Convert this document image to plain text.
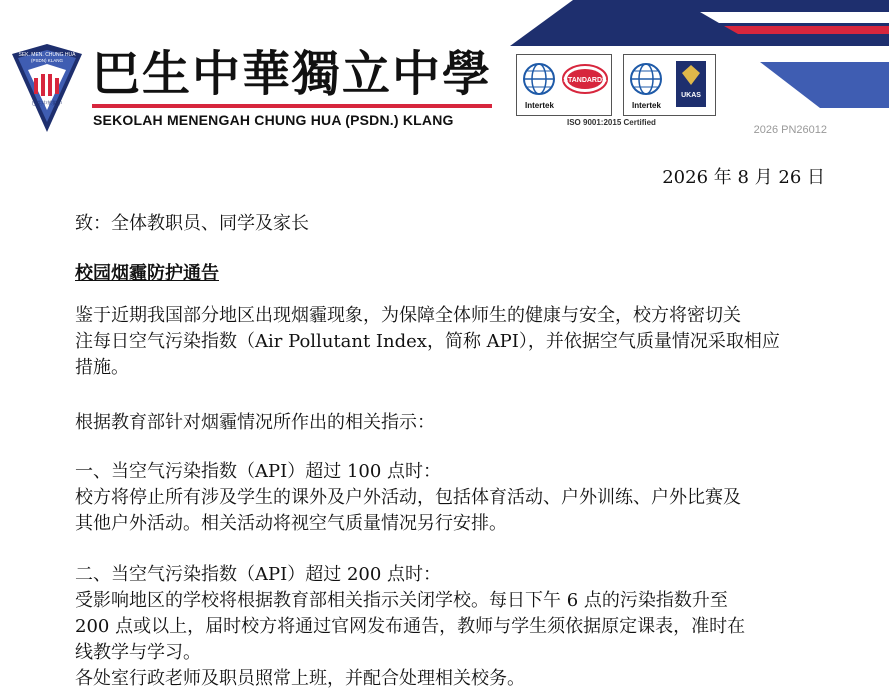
SEK. MEN. CHUNG HUA
(PSDN) KLANG
巴生中華獨中
巴生中華獨立中學
SEKOLAH MENENGAH CHUNG HUA (PSDN.) KLANG
STANDARDS
Intertek
UKAS
Intertek
ISO 9001:2015 Certified
2026 PN26012
2026 年 8 月 26 日
致：全体教职员、同学及家长
校园烟霾防护通告
鉴于近期我国部分地区出现烟霾现象，为保障全体师生的健康与安全，校方将密切关
注每日空气污染指数（Air Pollutant Index，简称 API），并依据空气质量情况采取相应
措施。
根据教育部针对烟霾情况所作出的相关指示：
一、当空气污染指数（API）超过 100 点时：
校方将停止所有涉及学生的课外及户外活动，包括体育活动、户外训练、户外比赛及
其他户外活动。相关活动将视空气质量情况另行安排。
二、当空气污染指数（API）超过 200 点时：
受影响地区的学校将根据教育部相关指示关闭学校。每日下午 6 点的污染指数升至
200 点或以上，届时校方将通过官网发布通告，教师与学生须依据原定课表，准时在
线教学与学习。
各处室行政老师及职员照常上班，并配合处理相关校务。
